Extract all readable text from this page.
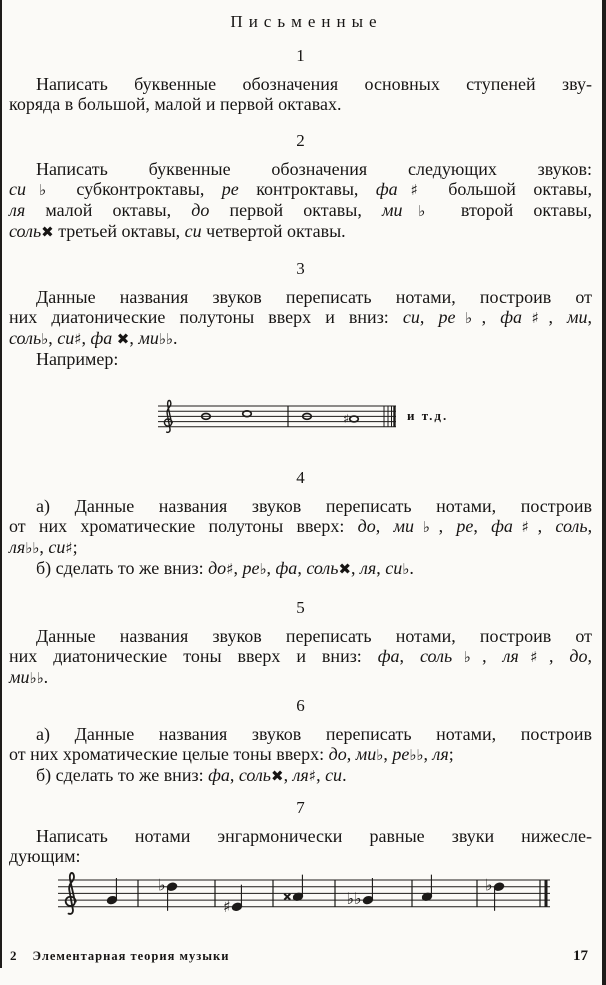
Письменные
1
Написать буквенные обозначения основных ступеней зву-
коряда в большой, малой и первой октавах.
2
Написать буквенные обозначения следующих звуков:
си♭ субконтроктавы, ре контроктавы, фа♯ большой октавы,
ля малой октавы, до первой октавы, ми♭ второй октавы,
соль✖ третьей октавы, си четвертой октавы.
3
Данные названия звуков переписать нотами, построив от
них диатонические полутоны вверх и вниз: си, ре♭, фа♯, ми,
соль♭, си♯, фа ✖, ми♭♭.
Например:
и т.д.
♯
4
а) Данные названия звуков переписать нотами, построив
от них хроматические полутоны вверх: до, ми♭, ре, фа♯, соль,
ля♭♭, си♯;
б) сделать то же вниз: до♯, ре♭, фа, соль✖, ля, си♭.
5
Данные названия звуков переписать нотами, построив от
них диатонические тоны вверх и вниз: фа, соль♭, ля♯, до,
ми♭♭.
6
а) Данные названия звуков переписать нотами, построив
от них хроматические целые тоны вверх: до, ми♭, ре♭♭, ля;
б) сделать то же вниз: фа, соль✖, ля♯, си.
7
Написать нотами энгармонически равные звуки нижесле-
дующим:
♭
♯	♭♭
♭
2 Элементарная теория музыки	17
